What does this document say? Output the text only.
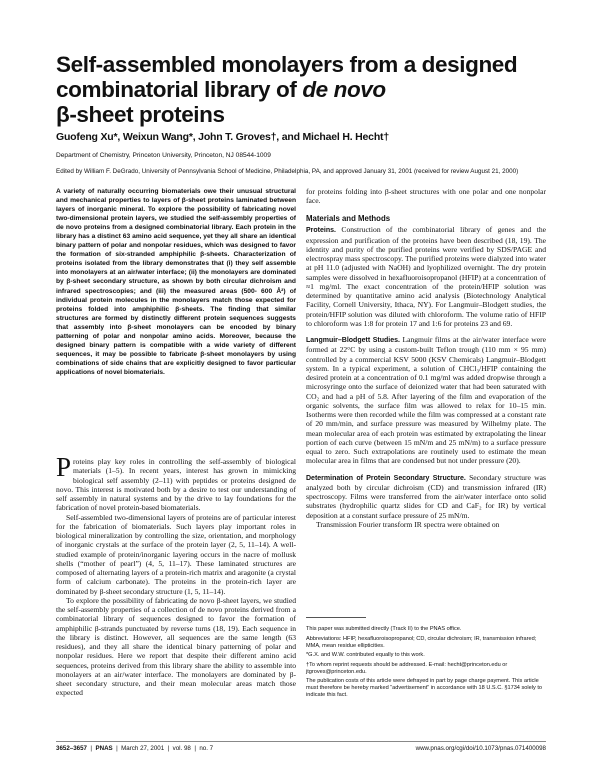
Self-assembled monolayers from a designed
combinatorial library of de novo
β-sheet proteins
Guofeng Xu*, Weixun Wang*, John T. Groves†, and Michael H. Hecht†
Department of Chemistry, Princeton University, Princeton, NJ 08544-1009
Edited by William F. DeGrado, University of Pennsylvania School of Medicine, Philadelphia, PA, and approved January 31, 2001 (received for review August 21, 2000)
A variety of naturally occurring biomaterials owe their unusual structural and mechanical properties to layers of β-sheet proteins laminated between layers of inorganic mineral. To explore the possibility of fabricating novel two-dimensional protein layers, we studied the self-assembly properties of de novo proteins from a designed combinatorial library. Each protein in the library has a distinct 63 amino acid sequence, yet they all share an identical binary pattern of polar and nonpolar residues, which was designed to favor the formation of six-stranded amphiphilic β-sheets. Characterization of proteins isolated from the library demonstrates that (i) they self assemble into monolayers at an air/water interface; (ii) the monolayers are dominated by β-sheet secondary structure, as shown by both circular dichroism and infrared spectroscopies; and (iii) the measured areas (500- 600 Å²) of individual protein molecules in the monolayers match those expected for proteins folded into amphiphilic β-sheets. The finding that similar structures are formed by distinctly different protein sequences suggests that assembly into β-sheet monolayers can be encoded by binary patterning of polar and nonpolar amino acids. Moreover, because the designed binary pattern is compatible with a wide variety of different sequences, it may be possible to fabricate β-sheet monolayers by using combinations of side chains that are explicitly designed to favor particular applications of novel biomaterials.

Proteins play key roles in controlling the self-assembly of biological materials (1–5). In recent years, interest has grown in mimicking biological self assembly (2–11) with peptides or proteins designed de novo. This interest is motivated both by a desire to test our understanding of self assembly in natural systems and by the drive to lay foundations for the fabrication of novel protein-based biomaterials.

Self-assembled two-dimensional layers of proteins are of particular interest for the fabrication of biomaterials. Such layers play important roles in biological mineralization by controlling the size, orientation, and morphology of inorganic crystals at the surface of the protein layer (2, 5, 11–14). A well-studied example of protein/inorganic layering occurs in the nacre of mollusk shells (“mother of pearl”) (4, 5, 11–17). These laminated structures are composed of alternating layers of a protein-rich matrix and aragonite (a crystal form of calcium carbonate). The proteins in the protein-rich layer are dominated by β-sheet secondary structure (1, 5, 11–14).

To explore the possibility of fabricating de novo β-sheet layers, we studied the self-assembly properties of a collection of de novo proteins derived from a combinatorial library of sequences designed to favor the formation of amphiphilic β-strands punctuated by reverse turns (18, 19). Each sequence in the library is distinct. However, all sequences are the same length (63 residues), and they all share the identical binary patterning of polar and nonpolar residues. Here we report that despite their different amino acid sequences, proteins derived from this library share the ability to assemble into monolayers at an air/water interface. The monolayers are dominated by β-sheet secondary structure, and their mean molecular areas match those expected

for proteins folding into β-sheet structures with one polar and one nonpolar face.
Materials and Methods

Proteins. Construction of the combinatorial library of genes and the expression and purification of the proteins have been described (18, 19). The identity and purity of the purified proteins were verified by SDS/PAGE and electrospray mass spectroscopy. The purified proteins were dialyzed into water at pH 11.0 (adjusted with NaOH) and lyophilized overnight. The dry protein samples were dissolved in hexafluoroisopropanol (HFIP) at a concentration of ≈1 mg/ml. The exact concentration of the protein/HFIP solution was determined by quantitative amino acid analysis (Biotechnology Analytical Facility, Cornell University, Ithaca, NY). For Langmuir–Blodgett studies, the protein/HFIP solution was diluted with chloroform. The volume ratio of HFIP to chloroform was 1:8 for protein 17 and 1:6 for proteins 23 and 69.

Langmuir–Blodgett Studies. Langmuir films at the air/water interface were formed at 22°C by using a custom-built Teflon trough (110 mm × 95 mm) controlled by a commercial KSV 5000 (KSV Chemicals) Langmuir–Blodgett system. In a typical experiment, a solution of CHCl₃/HFIP containing the desired protein at a concentration of 0.1 mg/ml was added dropwise through a microsyringe onto the surface of deionized water that had been saturated with CO₂ and had a pH of 5.8. After layering of the film and evaporation of the organic solvents, the surface film was allowed to relax for 10–15 min. Isotherms were then recorded while the film was compressed at a constant rate of 20 mm/min, and surface pressure was measured by Wilhelmy plate. The mean molecular area of each protein was estimated by extrapolating the linear portion of each curve (between 15 mN/m and 25 mN/m) to a surface pressure equal to zero. Such extrapolations are routinely used to estimate the mean molecular area in films that are condensed but not under pressure (20).

Determination of Protein Secondary Structure. Secondary structure was analyzed both by circular dichroism (CD) and transmission infrared (IR) spectroscopy. Films were transferred from the air/water interface onto solid substrates (hydrophilic quartz slides for CD and CaF₂ for IR) by vertical deposition at a constant surface pressure of 25 mN/m.

Transmission Fourier transform IR spectra were obtained on

This paper was submitted directly (Track II) to the PNAS office.

Abbreviations: HFIP, hexafluoroisopropanol; CD, circular dichroism; IR, transmission infrared; MMA, mean residue ellipticities.

*G.X. and W.W. contributed equally to this work.

†To whom reprint requests should be addressed. E-mail: hecht@princeton.edu or jtgroves@princeton.edu.

The publication costs of this article were defrayed in part by page charge payment. This article must therefore be hereby marked “advertisement” in accordance with 18 U.S.C. §1734 solely to indicate this fact.

3652–3657  |  PNAS  |  March 27, 2001  |  vol. 98  |  no. 7	www.pnas.org/cgi/doi/10.1073/pnas.071400098
